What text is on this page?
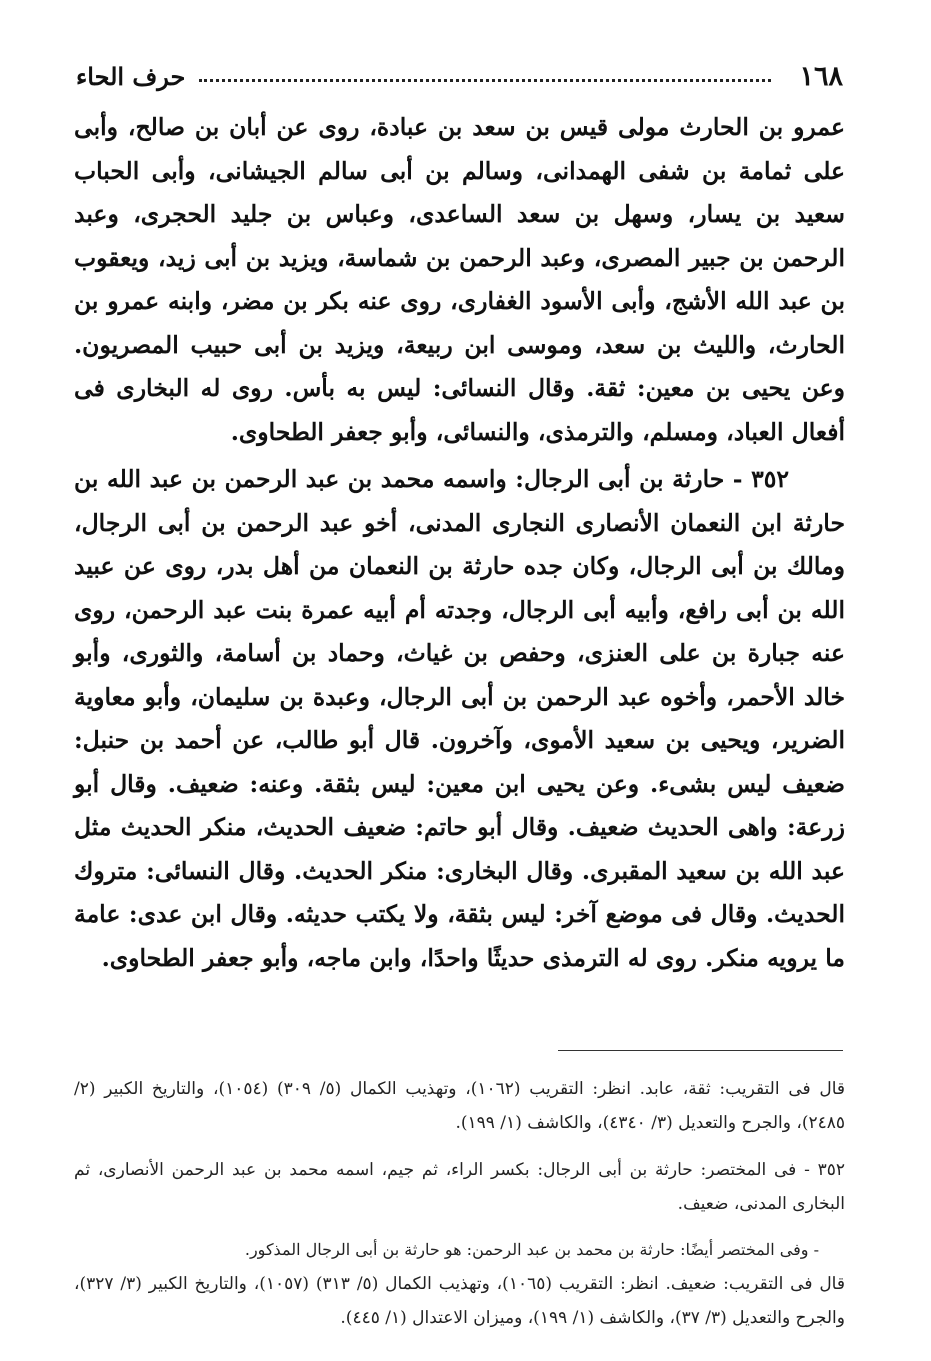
١٦٨
حرف الحاء

عمرو بن الحارث مولى قيس بن سعد بن عبادة، روى عن أبان بن صالح، وأبى على ثمامة بن شفى الهمدانى، وسالم بن أبى سالم الجيشانى، وأبى الحباب سعيد بن يسار، وسهل بن سعد الساعدى، وعباس بن جليد الحجرى، وعبد الرحمن بن جبير المصرى، وعبد الرحمن بن شماسة، ويزيد بن أبى زيد، ويعقوب بن عبد الله الأشج، وأبى الأسود الغفارى، روى عنه بكر بن مضر، وابنه عمرو بن الحارث، والليث بن سعد، وموسى ابن ربيعة، ويزيد بن أبى حبيب المصريون. وعن يحيى بن معين: ثقة. وقال النسائى: ليس به بأس. روى له البخارى فى أفعال العباد، ومسلم، والترمذى، والنسائى، وأبو جعفر الطحاوى.

٣٥٢ - حارثة بن أبى الرجال: واسمه محمد بن عبد الرحمن بن عبد الله بن حارثة ابن النعمان الأنصارى النجارى المدنى، أخو عبد الرحمن بن أبى الرجال، ومالك بن أبى الرجال، وكان جده حارثة بن النعمان من أهل بدر، روى عن عبيد الله بن أبى رافع، وأبيه أبى الرجال، وجدته أم أبيه عمرة بنت عبد الرحمن، روى عنه جبارة بن على العنزى، وحفص بن غياث، وحماد بن أسامة، والثورى، وأبو خالد الأحمر، وأخوه عبد الرحمن بن أبى الرجال، وعبدة بن سليمان، وأبو معاوية الضرير، ويحيى بن سعيد الأموى، وآخرون. قال أبو طالب، عن أحمد بن حنبل: ضعيف ليس بشىء. وعن يحيى ابن معين: ليس بثقة. وعنه: ضعيف. وقال أبو زرعة: واهى الحديث ضعيف. وقال أبو حاتم: ضعيف الحديث، منكر الحديث مثل عبد الله بن سعيد المقبرى. وقال البخارى: منكر الحديث. وقال النسائى: متروك الحديث. وقال فى موضع آخر: ليس بثقة، ولا يكتب حديثه. وقال ابن عدى: عامة ما يرويه منكر. روى له الترمذى حديثًا واحدًا، وابن ماجه، وأبو جعفر الطحاوى.

قال فى التقريب: ثقة، عابد. انظر: التقريب (١٠٦٢)، وتهذيب الكمال (٥/ ٣٠٩) (١٠٥٤)، والتاريخ الكبير (٢/ ٢٤٨٥)، والجرح والتعديل (٣/ ٤٣٤٠)، والكاشف (١/ ١٩٩).

٣٥٢ - فى المختصر: حارثة بن أبى الرجال: بكسر الراء، ثم جيم، اسمه محمد بن عبد الرحمن الأنصارى، ثم البخارى المدنى، ضعيف.

- وفى المختصر أيضًا: حارثة بن محمد بن عبد الرحمن: هو حارثة بن أبى الرجال المذكور.

قال فى التقريب: ضعيف. انظر: التقريب (١٠٦٥)، وتهذيب الكمال (٥/ ٣١٣) (١٠٥٧)، والتاريخ الكبير (٣/ ٣٢٧)، والجرح والتعديل (٣/ ٣٧)، والكاشف (١/ ١٩٩)، وميزان الاعتدال (١/ ٤٤٥).
